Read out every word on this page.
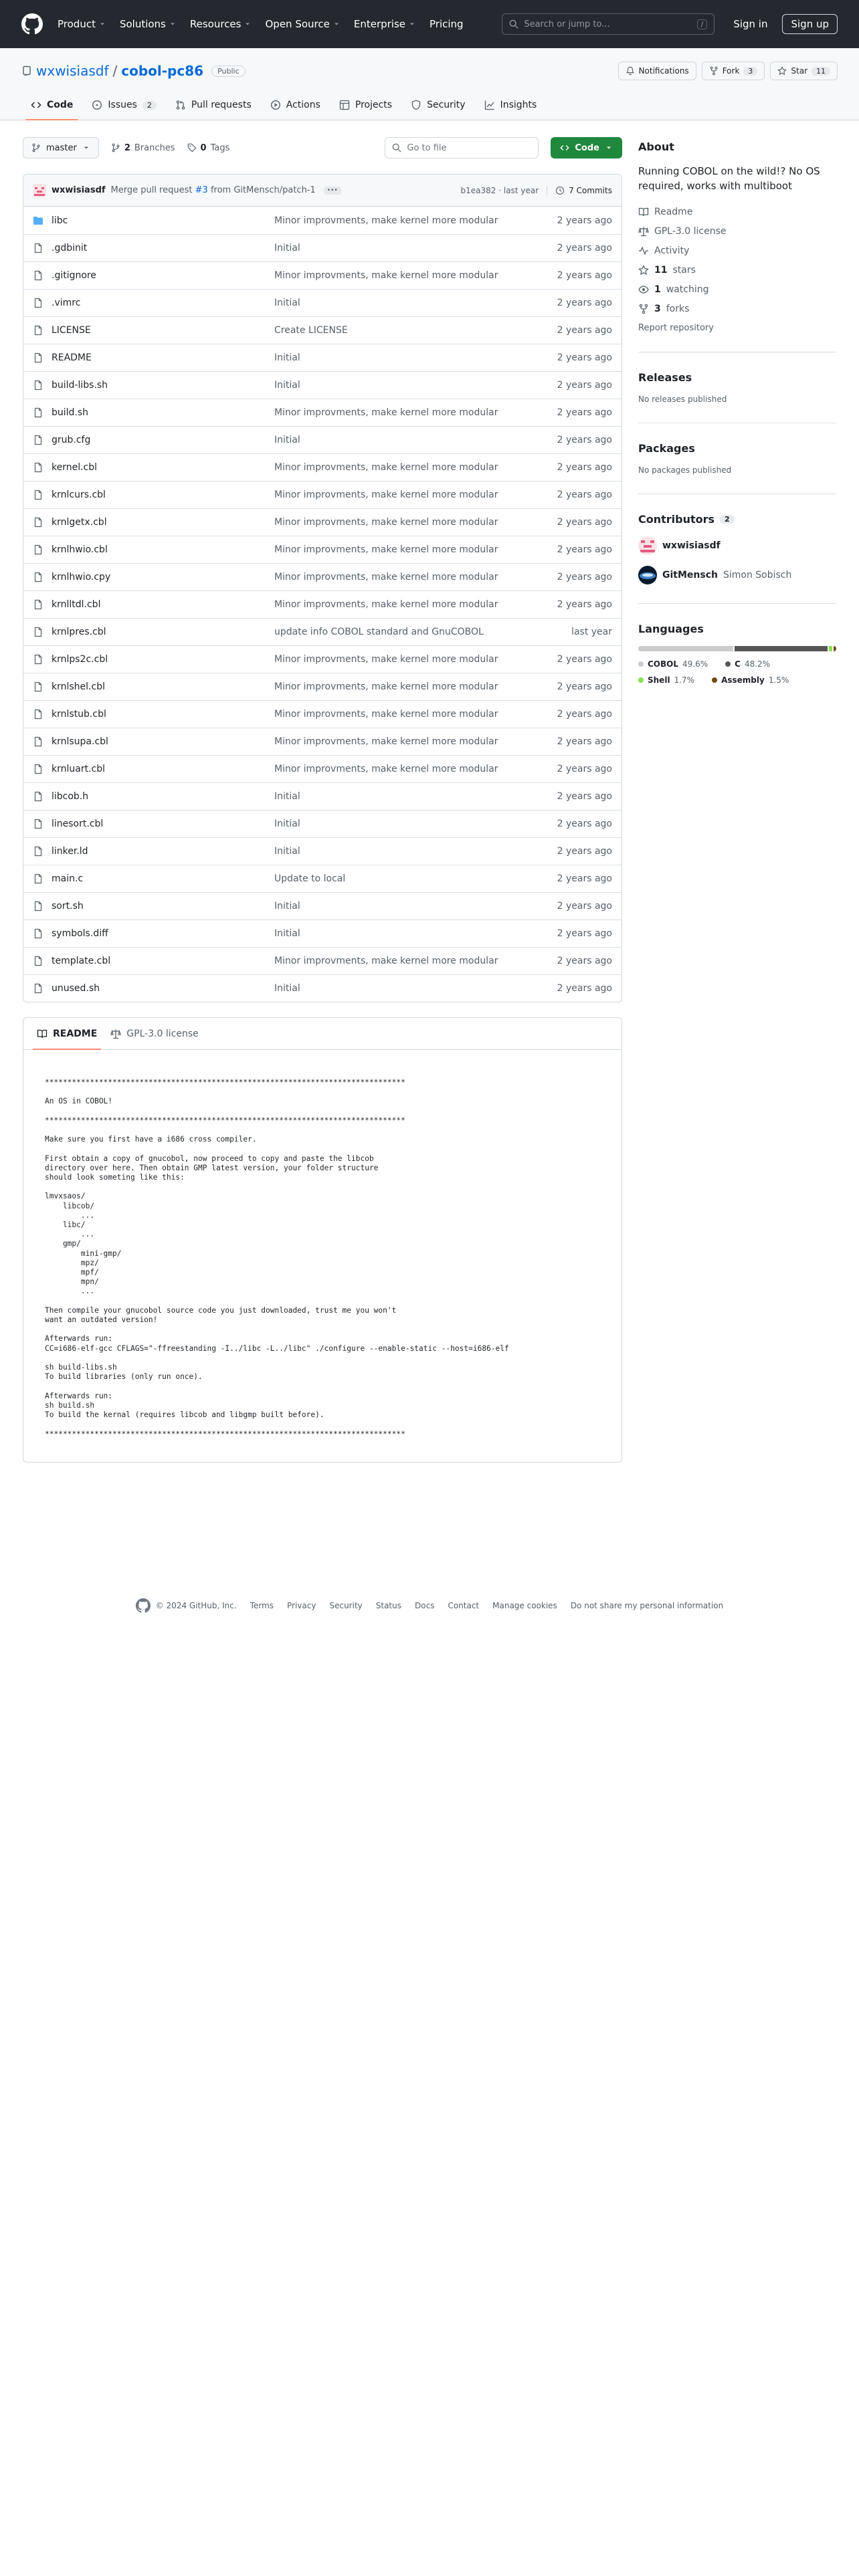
Product Solutions Resources Open Source Enterprise Pricing	Search or jump to...	/	Sign in	Sign up
wxwisiasdf / cobol-pc86	Public	Notifications	Fork	3	Star	11
Code	Issues	2	Pull requests	Actions	Projects	Security	Insights
master	2 Branches	0 Tags	Go to file	Code
wxwisiasdf Merge pull request #3 from GitMensch/patch-1	•••	b1ea382 · last year	7 Commits
libc	Minor improvments, make kernel more modular	2 years ago
.gdbinit	Initial	2 years ago
.gitignore	Minor improvments, make kernel more modular	2 years ago
.vimrc	Initial	2 years ago
LICENSE	Create LICENSE	2 years ago
README	Initial	2 years ago
build-libs.sh	Initial	2 years ago
build.sh	Minor improvments, make kernel more modular	2 years ago
grub.cfg	Initial	2 years ago
kernel.cbl	Minor improvments, make kernel more modular	2 years ago
krnlcurs.cbl	Minor improvments, make kernel more modular	2 years ago
krnlgetx.cbl	Minor improvments, make kernel more modular	2 years ago
krnlhwio.cbl	Minor improvments, make kernel more modular	2 years ago
krnlhwio.cpy	Minor improvments, make kernel more modular	2 years ago
krnlltdl.cbl	Minor improvments, make kernel more modular	2 years ago
krnlpres.cbl	update info COBOL standard and GnuCOBOL	last year
krnlps2c.cbl	Minor improvments, make kernel more modular	2 years ago
krnlshel.cbl	Minor improvments, make kernel more modular	2 years ago
krnlstub.cbl	Minor improvments, make kernel more modular	2 years ago
krnlsupa.cbl	Minor improvments, make kernel more modular	2 years ago
krnluart.cbl	Minor improvments, make kernel more modular	2 years ago
libcob.h	Initial	2 years ago
linesort.cbl	Initial	2 years ago
linker.ld	Initial	2 years ago
main.c	Update to local	2 years ago
sort.sh	Initial	2 years ago
symbols.diff	Initial	2 years ago
template.cbl	Minor improvments, make kernel more modular	2 years ago
unused.sh	Initial	2 years ago
README	GPL-3.0 license
********************************************************************************

An OS in COBOL!

********************************************************************************

Make sure you first have a i686 cross compiler.

First obtain a copy of gnucobol, now proceed to copy and paste the libcob
directory over here. Then obtain GMP latest version, your folder structure
should look someting like this:

lmvxsaos/
libcob/
...
libc/
...
gmp/
mini-gmp/
mpz/
mpf/
mpn/
...

Then compile your gnucobol source code you just downloaded, trust me you won't
want an outdated version!

Afterwards run:
CC=i686-elf-gcc CFLAGS="-ffreestanding -I../libc -L../libc" ./configure --enable-static --host=i686-elf

sh build-libs.sh
To build libraries (only run once).

Afterwards run:
sh build.sh
To build the kernal (requires libcob and libgmp built before).

********************************************************************************
About

Running COBOL on the wild!? No OS required, works with multiboot

Readme
GPL-3.0 license
Activity
11 stars
1 watching
3 forks
Report repository
Releases

No releases published

Packages

No packages published

Contributors	2
wxwisiasdf
GitMensch Simon Sobisch
Languages
COBOL 49.6%	C 48.2%
Shell 1.7%	Assembly 1.5%
© 2024 GitHub, Inc. Terms Privacy Security Status Docs Contact Manage cookies Do not share my personal information
